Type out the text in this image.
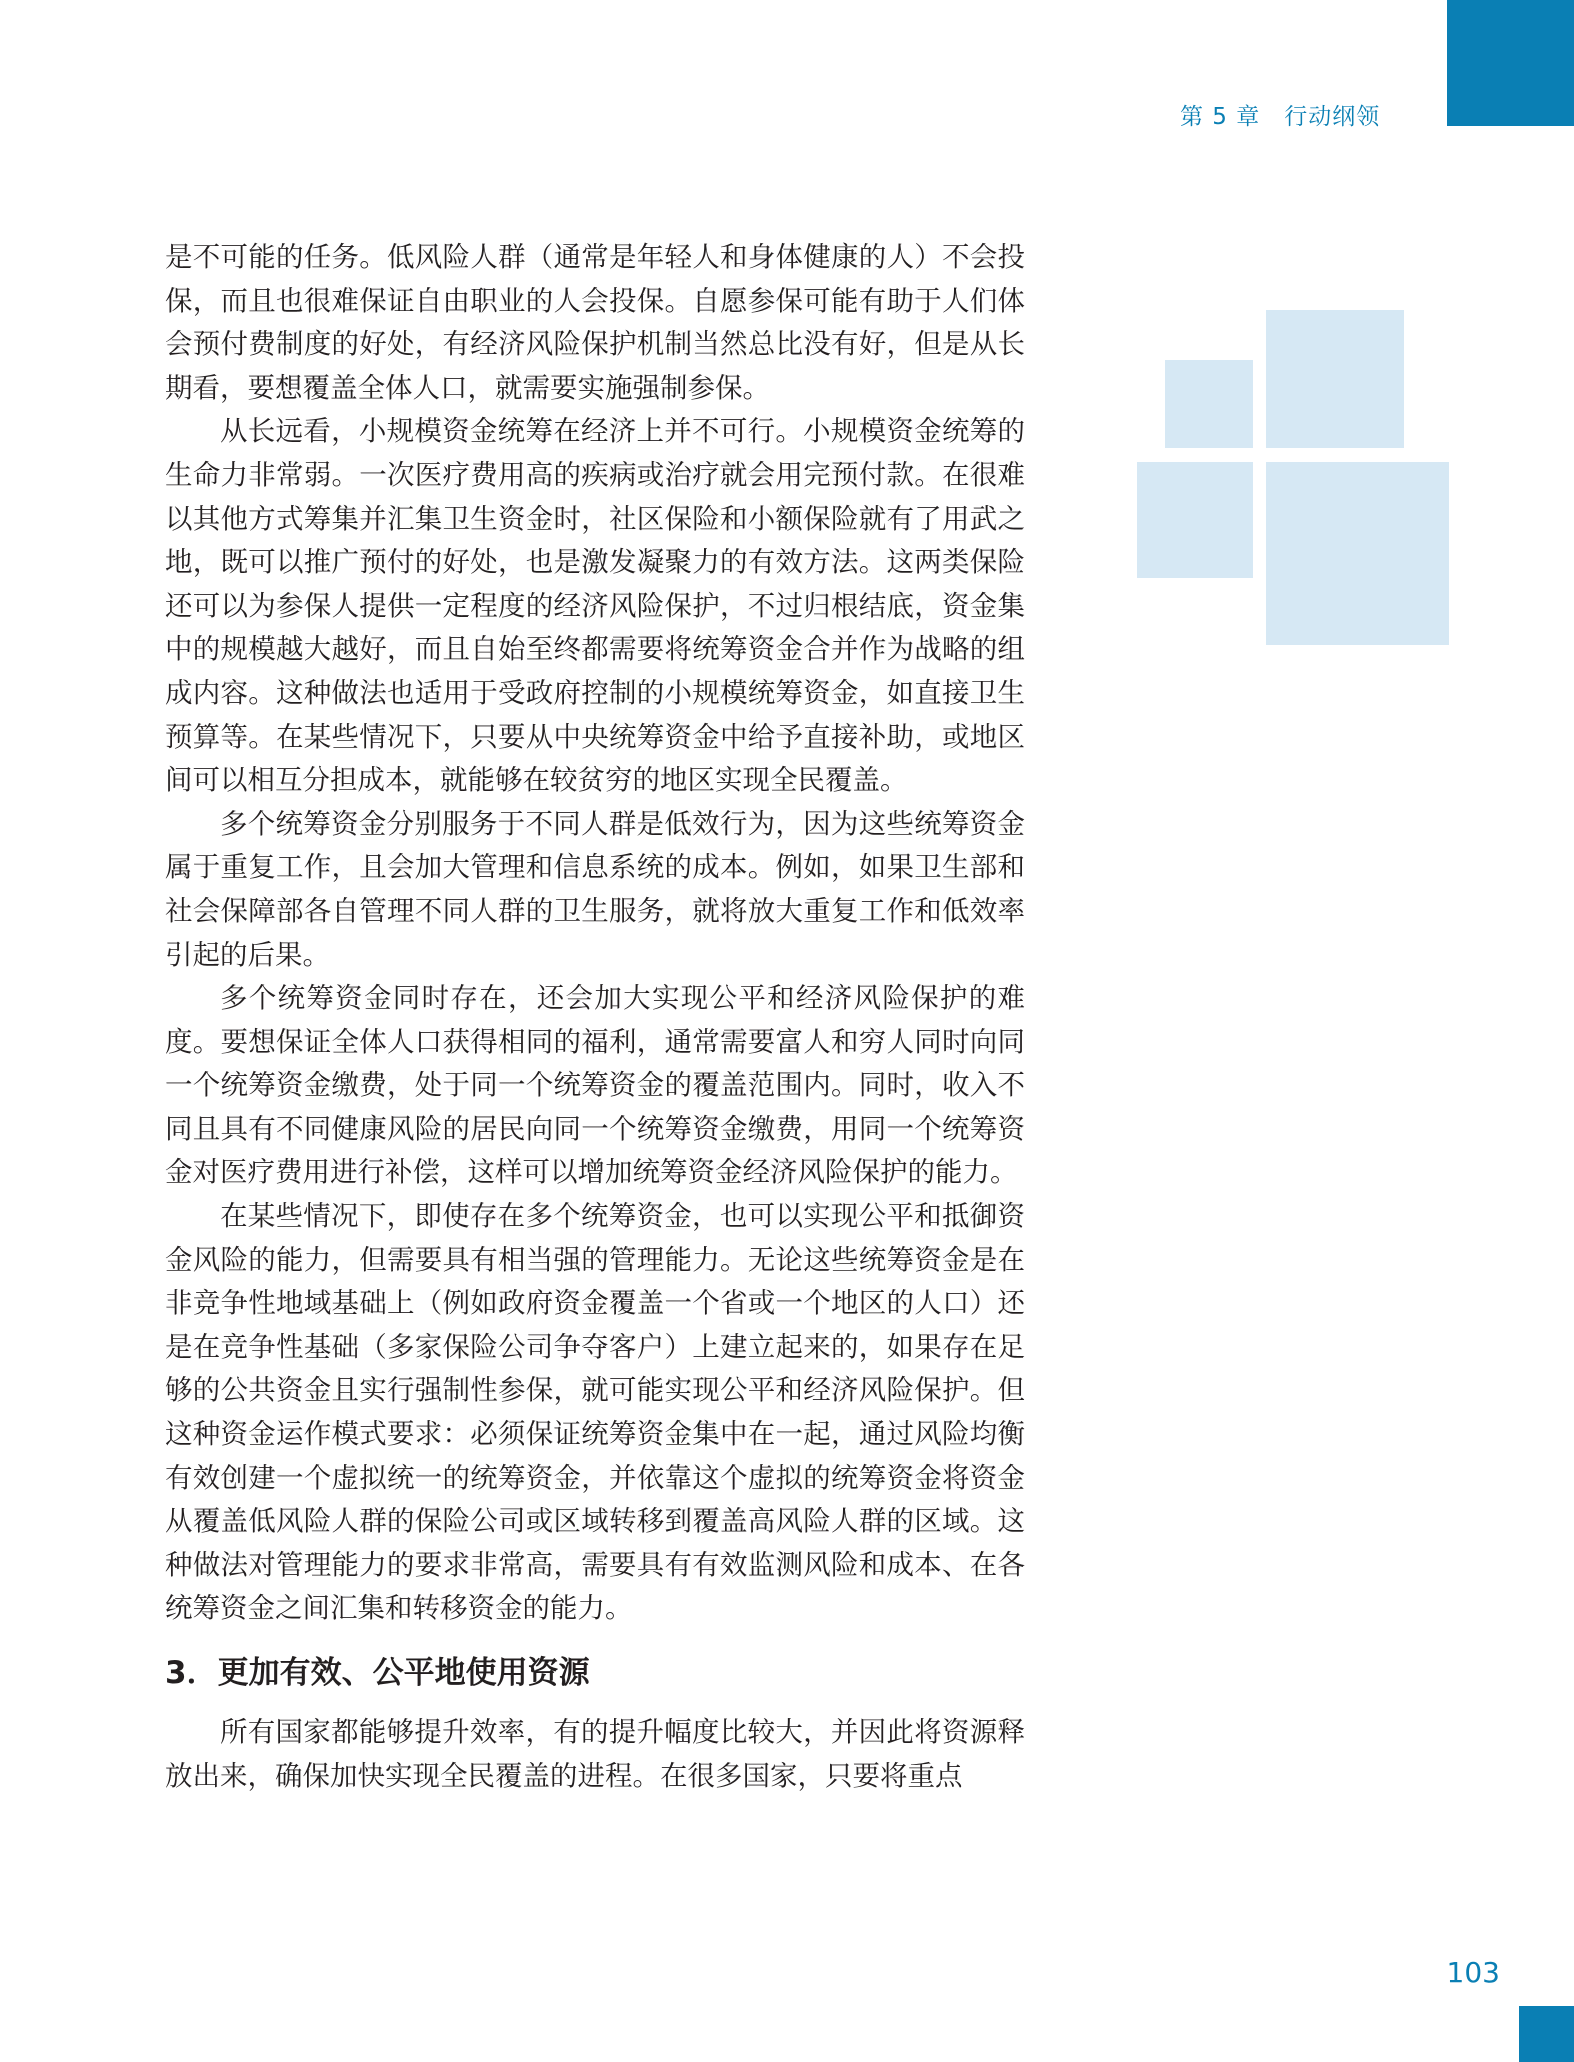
第 5 章 行动纲领

是不可能的任务。低风险人群（通常是年轻人和身体健康的人）不会投保，而且也很难保证自由职业的人会投保。自愿参保可能有助于人们体会预付费制度的好处，有经济风险保护机制当然总比没有好，但是从长期看，要想覆盖全体人口，就需要实施强制参保。

从长远看，小规模资金统筹在经济上并不可行。小规模资金统筹的生命力非常弱。一次医疗费用高的疾病或治疗就会用完预付款。在很难以其他方式筹集并汇集卫生资金时，社区保险和小额保险就有了用武之地，既可以推广预付的好处，也是激发凝聚力的有效方法。这两类保险还可以为参保人提供一定程度的经济风险保护，不过归根结底，资金集中的规模越大越好，而且自始至终都需要将统筹资金合并作为战略的组成内容。这种做法也适用于受政府控制的小规模统筹资金，如直接卫生预算等。在某些情况下，只要从中央统筹资金中给予直接补助，或地区间可以相互分担成本，就能够在较贫穷的地区实现全民覆盖。

多个统筹资金分别服务于不同人群是低效行为，因为这些统筹资金属于重复工作，且会加大管理和信息系统的成本。例如，如果卫生部和社会保障部各自管理不同人群的卫生服务，就将放大重复工作和低效率引起的后果。

多个统筹资金同时存在，还会加大实现公平和经济风险保护的难度。要想保证全体人口获得相同的福利，通常需要富人和穷人同时向同一个统筹资金缴费，处于同一个统筹资金的覆盖范围内。同时，收入不同且具有不同健康风险的居民向同一个统筹资金缴费，用同一个统筹资金对医疗费用进行补偿，这样可以增加统筹资金经济风险保护的能力。

在某些情况下，即使存在多个统筹资金，也可以实现公平和抵御资金风险的能力，但需要具有相当强的管理能力。无论这些统筹资金是在非竞争性地域基础上（例如政府资金覆盖一个省或一个地区的人口）还是在竞争性基础（多家保险公司争夺客户）上建立起来的，如果存在足够的公共资金且实行强制性参保，就可能实现公平和经济风险保护。但这种资金运作模式要求：必须保证统筹资金集中在一起，通过风险均衡有效创建一个虚拟统一的统筹资金，并依靠这个虚拟的统筹资金将资金从覆盖低风险人群的保险公司或区域转移到覆盖高风险人群的区域。这种做法对管理能力的要求非常高，需要具有有效监测风险和成本、在各统筹资金之间汇集和转移资金的能力。

3．更加有效、公平地使用资源

所有国家都能够提升效率，有的提升幅度比较大，并因此将资源释放出来，确保加快实现全民覆盖的进程。在很多国家，只要将重点

103
